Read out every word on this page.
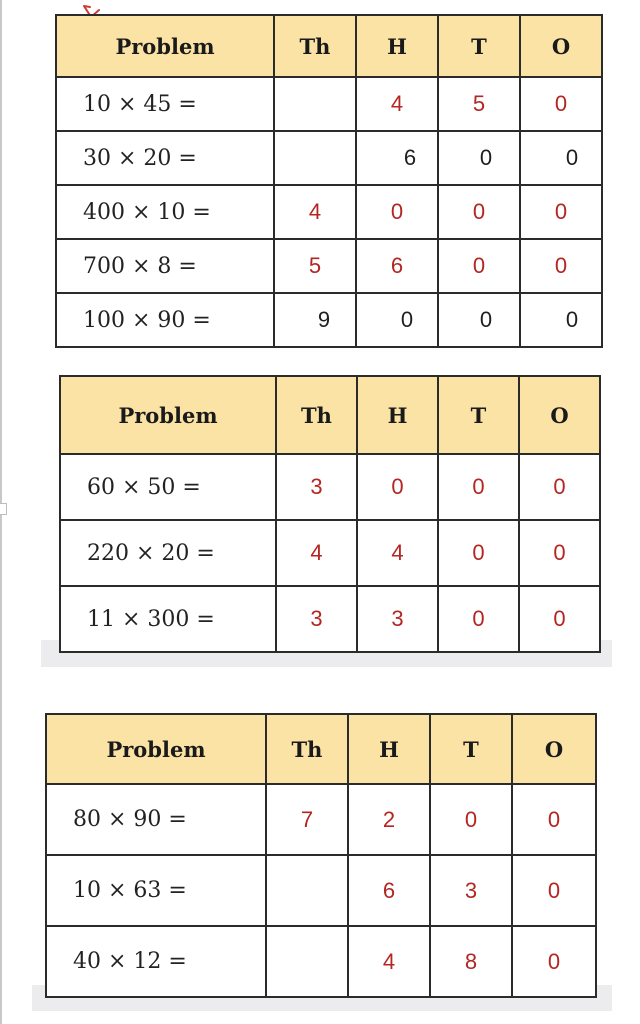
Problem	Th	H	T	O
10 × 45 =		4	5	0
30 × 20 =		6	0	0
400 × 10 =	4	0	0	0
700 × 8 =	5	6	0	0
100 × 90 =	9	0	0	0
Problem	Th	H	T	O
60 × 50 =	3	0	0	0
220 × 20 =	4	4	0	0
11 × 300 =	3	3	0	0
Problem	Th	H	T	O
80 × 90 =	7	2	0	0
10 × 63 =		6	3	0
40 × 12 =		4	8	0
